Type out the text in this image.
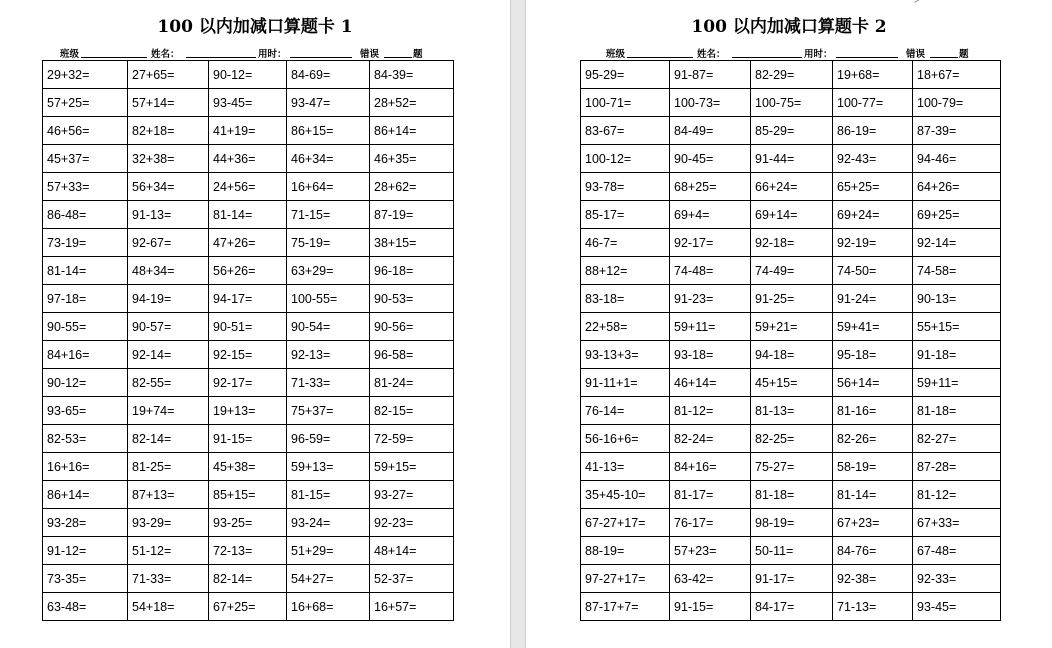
100 以内加减口算题卡 1
班级	姓名：	用时：	错误	题
29+32=	27+65=	90-12=	84-69=	84-39=
57+25=	57+14=	93-45=	93-47=	28+52=
46+56=	82+18=	41+19=	86+15=	86+14=
45+37=	32+38=	44+36=	46+34=	46+35=
57+33=	56+34=	24+56=	16+64=	28+62=
86-48=	91-13=	81-14=	71-15=	87-19=
73-19=	92-67=	47+26=	75-19=	38+15=
81-14=	48+34=	56+26=	63+29=	96-18=
97-18=	94-19=	94-17=	100-55=	90-53=
90-55=	90-57=	90-51=	90-54=	90-56=
84+16=	92-14=	92-15=	92-13=	96-58=
90-12=	82-55=	92-17=	71-33=	81-24=
93-65=	19+74=	19+13=	75+37=	82-15=
82-53=	82-14=	91-15=	96-59=	72-59=
16+16=	81-25=	45+38=	59+13=	59+15=
86+14=	87+13=	85+15=	81-15=	93-27=
93-28=	93-29=	93-25=	93-24=	92-23=
91-12=	51-12=	72-13=	51+29=	48+14=
73-35=	71-33=	82-14=	54+27=	52-37=
63-48=	54+18=	67+25=	16+68=	16+57=
100 以内加减口算题卡 2
班级	姓名：	用时：	错误	题
95-29=	91-87=	82-29=	19+68=	18+67=
100-71=	100-73=	100-75=	100-77=	100-79=
83-67=	84-49=	85-29=	86-19=	87-39=
100-12=	90-45=	91-44=	92-43=	94-46=
93-78=	68+25=	66+24=	65+25=	64+26=
85-17=	69+4=	69+14=	69+24=	69+25=
46-7=	92-17=	92-18=	92-19=	92-14=
88+12=	74-48=	74-49=	74-50=	74-58=
83-18=	91-23=	91-25=	91-24=	90-13=
22+58=	59+11=	59+21=	59+41=	55+15=
93-13+3=	93-18=	94-18=	95-18=	91-18=
91-11+1=	46+14=	45+15=	56+14=	59+11=
76-14=	81-12=	81-13=	81-16=	81-18=
56-16+6=	82-24=	82-25=	82-26=	82-27=
41-13=	84+16=	75-27=	58-19=	87-28=
35+45-10=	81-17=	81-18=	81-14=	81-12=
67-27+17=	76-17=	98-19=	67+23=	67+33=
88-19=	57+23=	50-11=	84-76=	67-48=
97-27+17=	63-42=	91-17=	92-38=	92-33=
87-17+7=	91-15=	84-17=	71-13=	93-45=
